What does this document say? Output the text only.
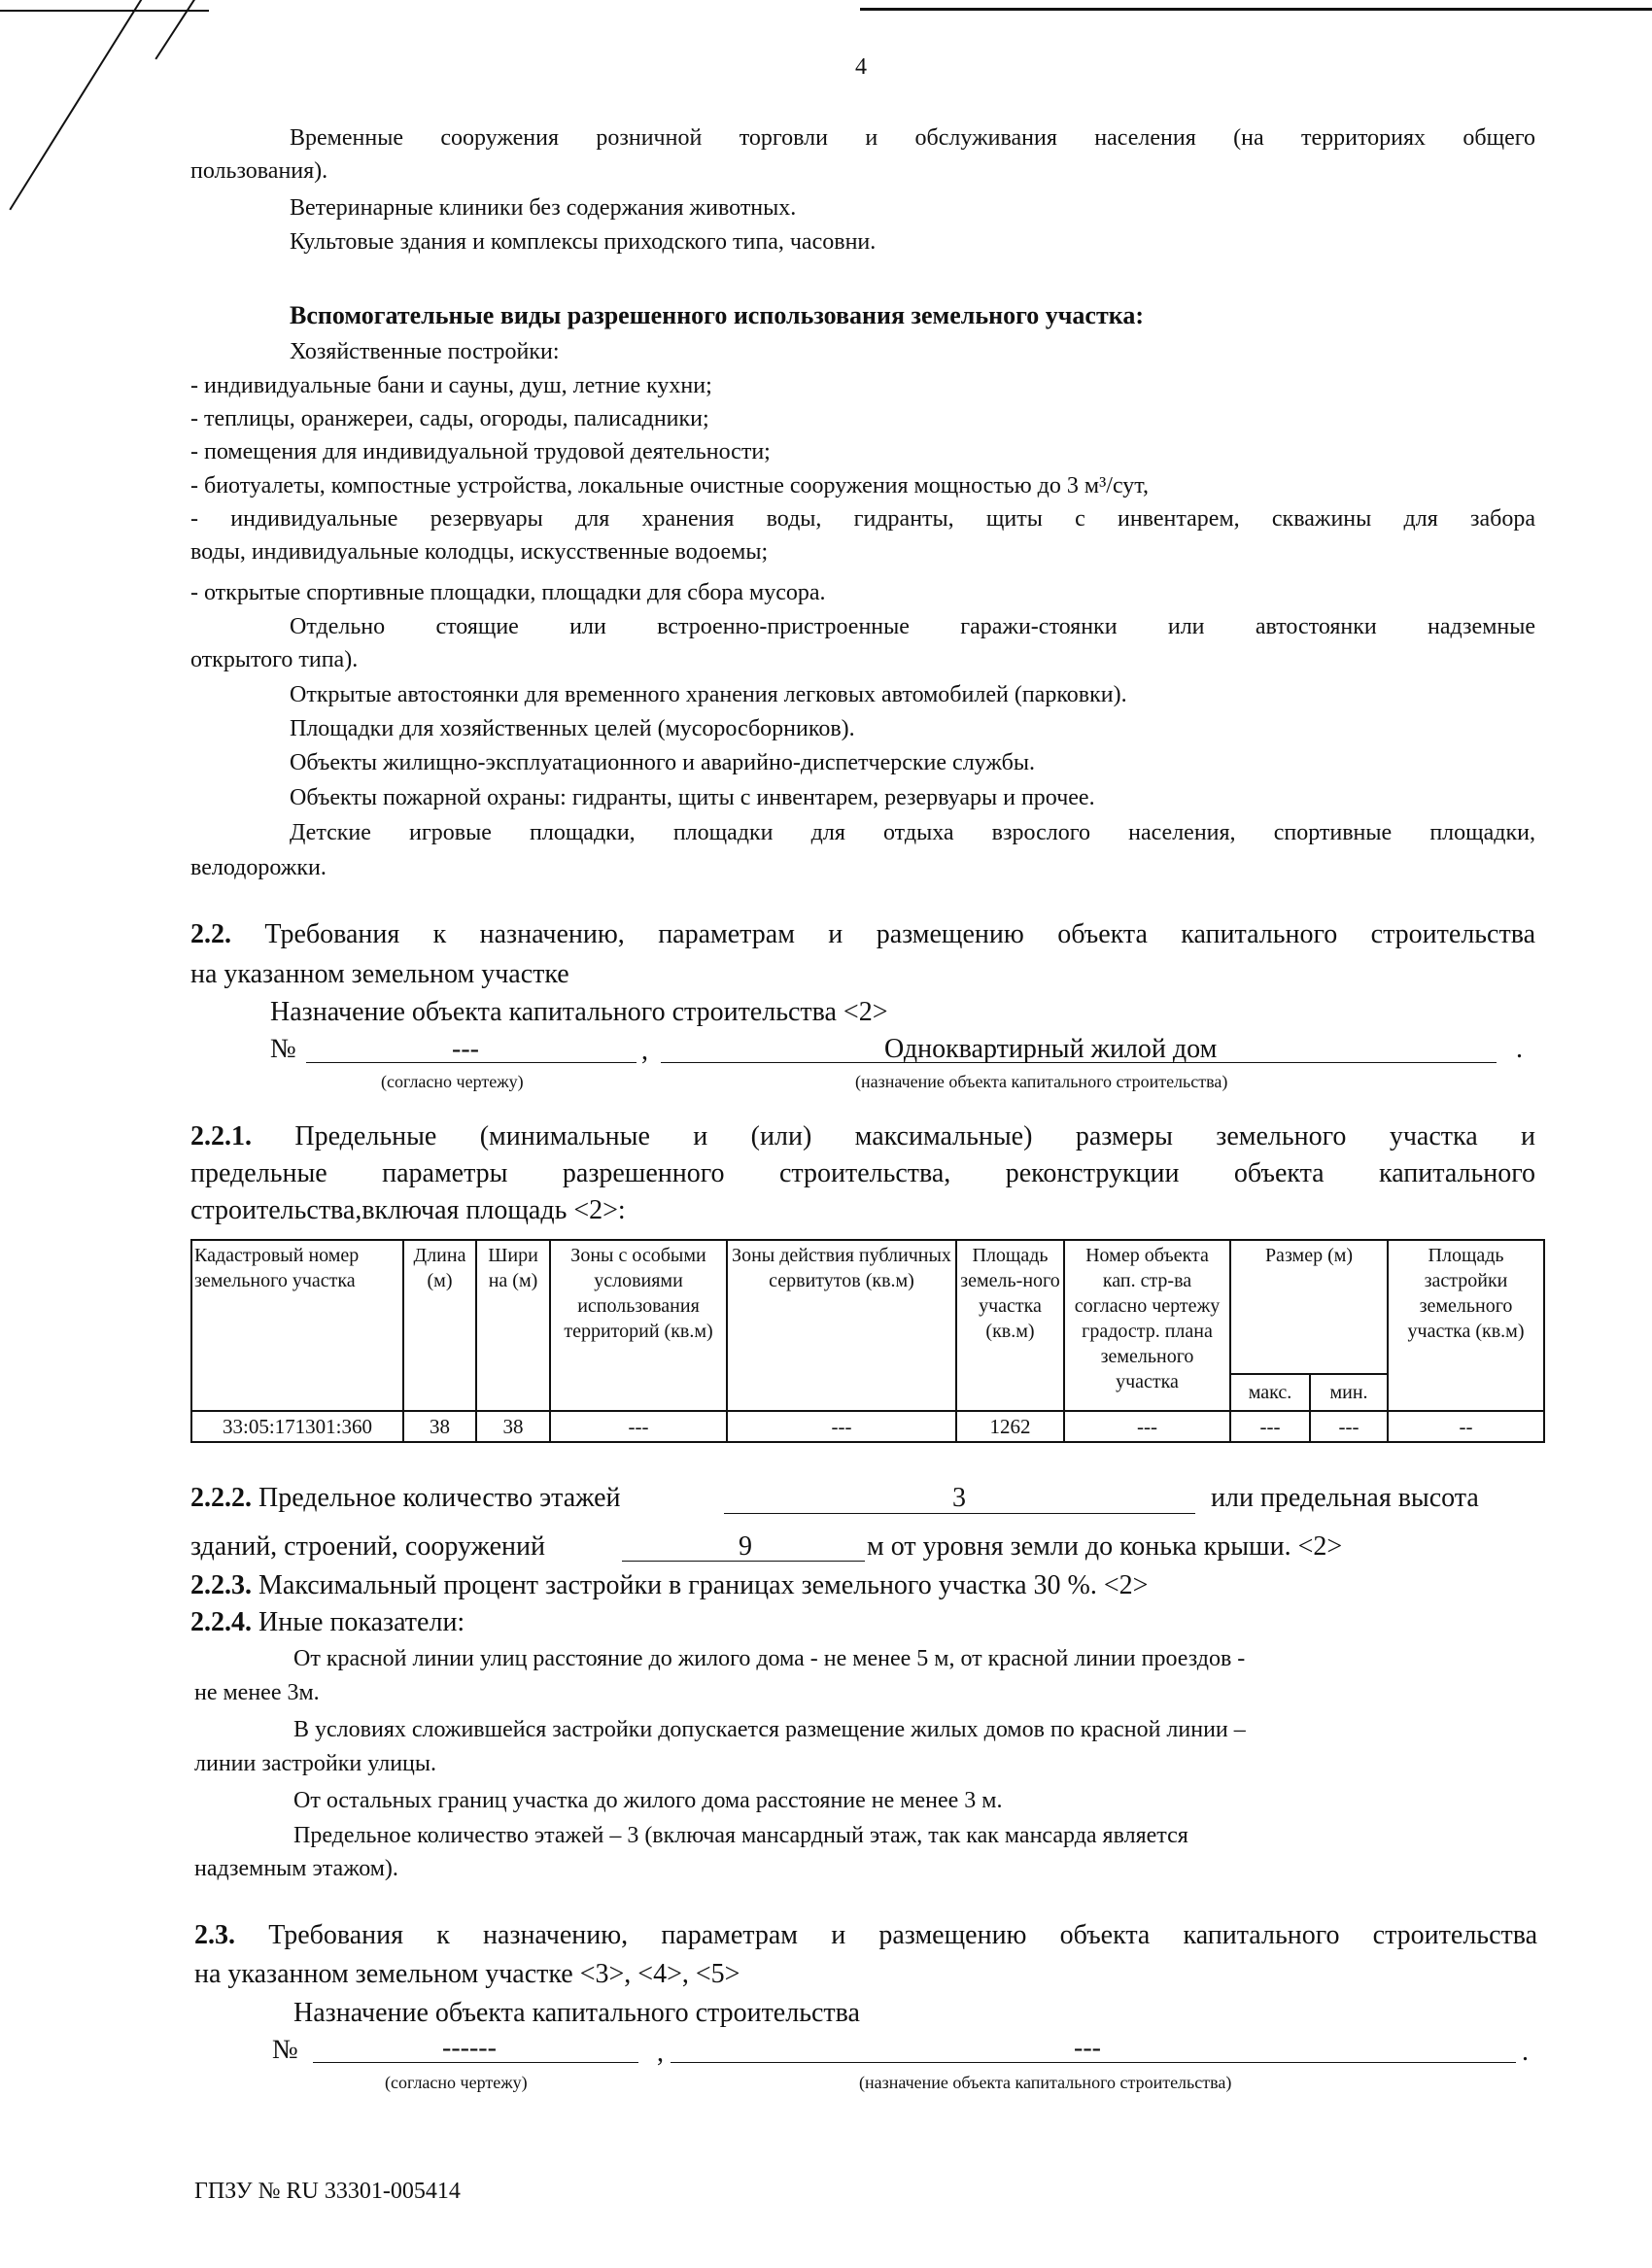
4
Временные сооружения розничной торговли и обслуживания населения (на территориях общего
пользования).
Ветеринарные клиники без содержания животных.
Культовые здания и комплексы приходского типа, часовни.
Вспомогательные виды разрешенного использования земельного участка:
Хозяйственные постройки:
- индивидуальные бани и сауны, душ, летние кухни;
- теплицы, оранжереи, сады, огороды, палисадники;
- помещения для индивидуальной трудовой деятельности;
- биотуалеты, компостные устройства, локальные очистные сооружения мощностью до 3 м³/сут,
- индивидуальные резервуары для хранения воды, гидранты, щиты с инвентарем, скважины для забора
воды, индивидуальные колодцы, искусственные водоемы;
- открытые спортивные площадки, площадки для сбора мусора.
Отдельно стоящие или встроенно-пристроенные гаражи-стоянки или автостоянки надземные
открытого типа).
Открытые автостоянки для временного хранения легковых автомобилей (парковки).
Площадки для хозяйственных целей (мусоросборников).
Объекты жилищно-эксплуатационного и аварийно-диспетчерские службы.
Объекты пожарной охраны: гидранты, щиты с инвентарем, резервуары и прочее.
Детские игровые площадки, площадки для отдыха взрослого населения, спортивные площадки,
велодорожки.
2.2. Требования к назначению, параметрам и размещению объекта капитального строительства
на указанном земельном участке
Назначение объекта капитального строительства <2>
№	---	,	Одноквартирный жилой дом	.
(согласно чертежу)	(назначение объекта капитального строительства)
2.2.1. Предельные (минимальные и (или) максимальные) размеры земельного участка и
предельные параметры разрешенного строительства, реконструкции объекта капитального
строительства,включая площадь <2>:
Кадастровый номер земельного участка	Длина (м)	Шири на (м)	Зоны с особыми условиями использования территорий (кв.м)	Зоны действия публичных сервитутов (кв.м)	Площадь земель-ного участка (кв.м)	Номер объекта кап. стр-ва согласно чертежу градостр. плана земельного участка	Размер (м)		Площадь застройки земельного участка (кв.м)
							макс.	мин.	
33:05:171301:360	38	38	---	---	1262	---	---	---	--
2.2.2. Предельное количество этажей	3	или предельная высота
зданий, строений, сооружений	9	м от уровня земли до конька крыши. <2>
2.2.3. Максимальный процент застройки в границах земельного участка 30 %. <2>
2.2.4. Иные показатели:
От красной линии улиц расстояние до жилого дома - не менее 5 м, от красной линии проездов -
не менее 3м.
В условиях сложившейся застройки допускается размещение жилых домов по красной линии –
линии застройки улицы.
От остальных границ участка до жилого дома расстояние не менее 3 м.
Предельное количество этажей – 3 (включая мансардный этаж, так как мансарда является
надземным этажом).
2.3. Требования к назначению, параметрам и размещению объекта капитального строительства
на указанном земельном участке <3>, <4>, <5>
Назначение объекта капитального строительства
№	------	,	---	.
(согласно чертежу)	(назначение объекта капитального строительства)
ГПЗУ № RU 33301-005414
